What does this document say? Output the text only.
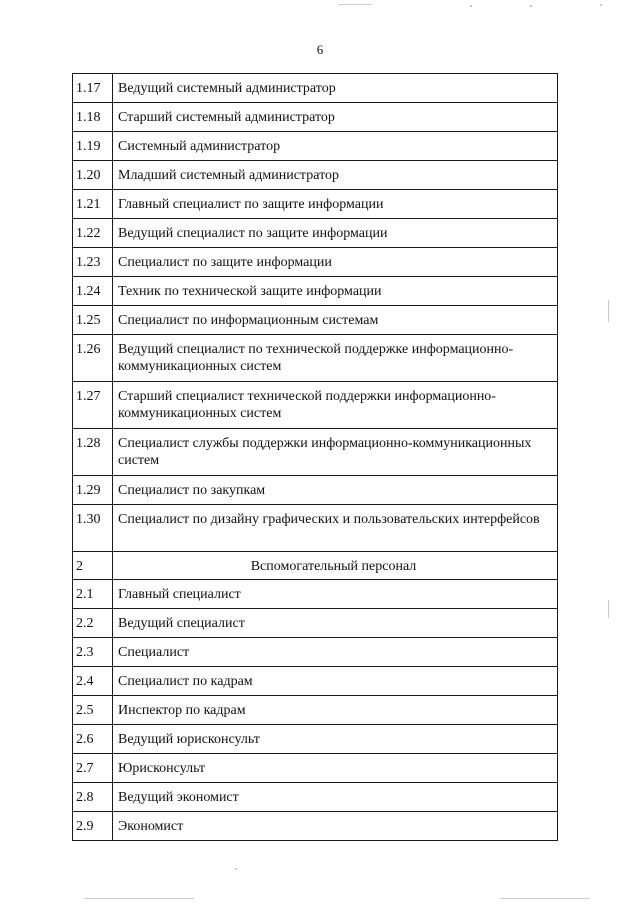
6
1.17	Ведущий системный администратор
1.18	Старший системный администратор
1.19	Системный администратор
1.20	Младший системный администратор
1.21	Главный специалист по защите информации
1.22	Ведущий специалист по защите информации
1.23	Специалист по защите информации
1.24	Техник по технической защите информации
1.25	Специалист по информационным системам
1.26	Ведущий специалист по технической поддержке информационно-коммуникационных систем
1.27	Старший специалист технической поддержки информационно-коммуникационных систем
1.28	Специалист службы поддержки информационно-коммуникационных систем
1.29	Специалист по закупкам
1.30	Специалист по дизайну графических и пользовательских интерфейсов
2	Вспомогательный персонал
2.1	Главный специалист
2.2	Ведущий специалист
2.3	Специалист
2.4	Специалист по кадрам
2.5	Инспектор по кадрам
2.6	Ведущий юрисконсульт
2.7	Юрисконсульт
2.8	Ведущий экономист
2.9	Экономист
